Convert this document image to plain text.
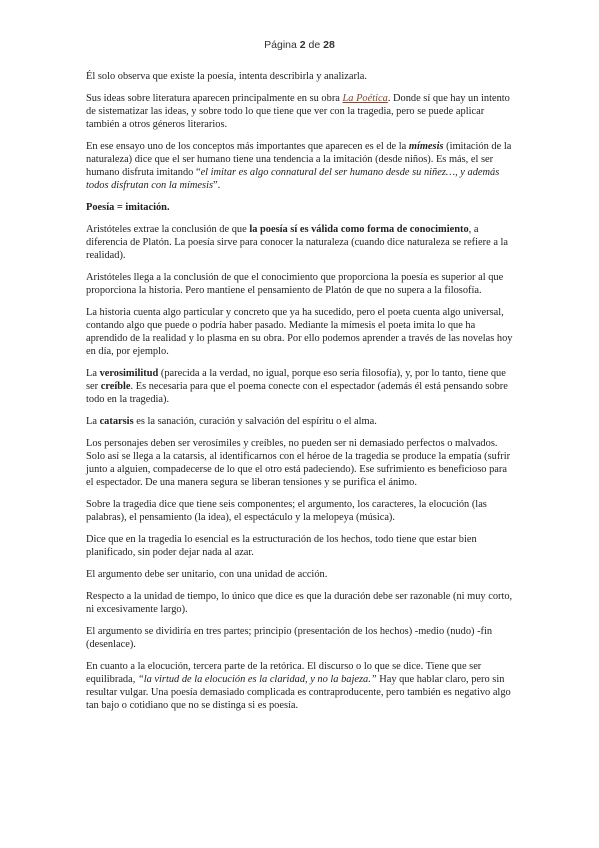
Página 2 de 28

Él solo observa que existe la poesía, intenta describirla y analizarla.

Sus ideas sobre literatura aparecen principalmente en su obra La Poética. Donde sí que hay un intento de sistematizar las ideas, y sobre todo lo que tiene que ver con la tragedia, pero se puede aplicar también a otros géneros literarios.

En ese ensayo uno de los conceptos más importantes que aparecen es el de la mímesis (imitación de la naturaleza) dice que el ser humano tiene una tendencia a la imitación (desde niños). Es más, el ser humano disfruta imitando “el imitar es algo connatural del ser humano desde su niñez…, y además todos disfrutan con la mímesis”.

Poesía = imitación.

Aristóteles extrae la conclusión de que la poesía sí es válida como forma de conocimiento, a diferencia de Platón. La poesía sirve para conocer la naturaleza (cuando dice naturaleza se refiere a la realidad).

Aristóteles llega a la conclusión de que el conocimiento que proporciona la poesía es superior al que proporciona la historia. Pero mantiene el pensamiento de Platón de que no supera a la filosofía.

La historia cuenta algo particular y concreto que ya ha sucedido, pero el poeta cuenta algo universal, contando algo que puede o podría haber pasado. Mediante la mímesis el poeta imita lo que ha aprendido de la realidad y lo plasma en su obra. Por ello podemos aprender a través de las novelas hoy en día, por ejemplo.

La verosimilitud (parecida a la verdad, no igual, porque eso sería filosofía), y, por lo tanto, tiene que ser creíble. Es necesaria para que el poema conecte con el espectador (además él está pensando sobre todo en la tragedia).

La catarsis es la sanación, curación y salvación del espíritu o el alma.

Los personajes deben ser verosímiles y creíbles, no pueden ser ni demasiado perfectos o malvados. Solo así se llega a la catarsis, al identificarnos con el héroe de la tragedia se produce la empatía (sufrir junto a alguien, compadecerse de lo que el otro está padeciendo). Ese sufrimiento es beneficioso para el espectador. De una manera segura se liberan tensiones y se purifica el ánimo.

Sobre la tragedia dice que tiene seis componentes; el argumento, los caracteres, la elocución (las palabras), el pensamiento (la idea), el espectáculo y la melopeya (música).

Dice que en la tragedia lo esencial es la estructuración de los hechos, todo tiene que estar bien planificado, sin poder dejar nada al azar.

El argumento debe ser unitario, con una unidad de acción.

Respecto a la unidad de tiempo, lo único que dice es que la duración debe ser razonable (ni muy corto, ni excesivamente largo).

El argumento se dividiría en tres partes; principio (presentación de los hechos) -medio (nudo) -fin (desenlace).

En cuanto a la elocución, tercera parte de la retórica. El discurso o lo que se dice. Tiene que ser equilibrada, “la virtud de la elocución es la claridad, y no la bajeza.” Hay que hablar claro, pero sin resultar vulgar. Una poesía demasiado complicada es contraproducente, pero también es negativo algo tan bajo o cotidiano que no se distinga si es poesía.
